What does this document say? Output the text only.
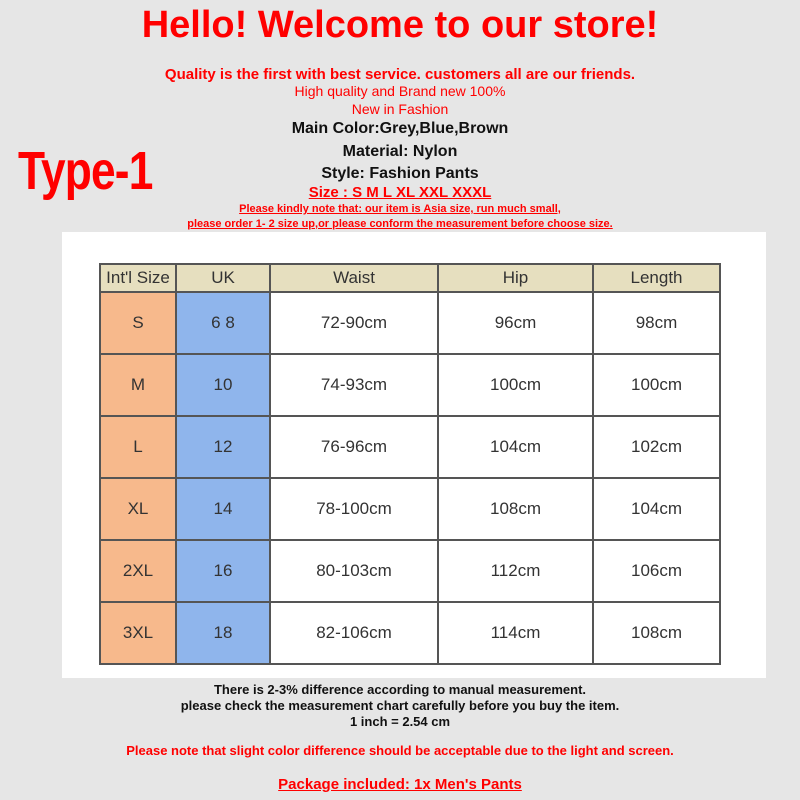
Hello! Welcome to our store!
Quality is the first with best service. customers all are our friends.
High quality and Brand new 100%
New in Fashion
Main Color:Grey,Blue,Brown
Material: Nylon
Style: Fashion Pants
Size : S M L XL XXL XXXL
Please kindly note that: our item is Asia size, run much small,
please order 1- 2 size up,or please conform the measurement before choose size.
Type-1
Int'l Size	UK	Waist	Hip	Length
S	6 8	72-90cm	96cm	98cm
M	10	74-93cm	100cm	100cm
L	12	76-96cm	104cm	102cm
XL	14	78-100cm	108cm	104cm
2XL	16	80-103cm	112cm	106cm
3XL	18	82-106cm	114cm	108cm
There is 2-3% difference according to manual measurement.
please check the measurement chart carefully before you buy the item.
1 inch = 2.54 cm
Please note that slight color difference should be acceptable due to the light and screen.
Package included: 1x Men's Pants
